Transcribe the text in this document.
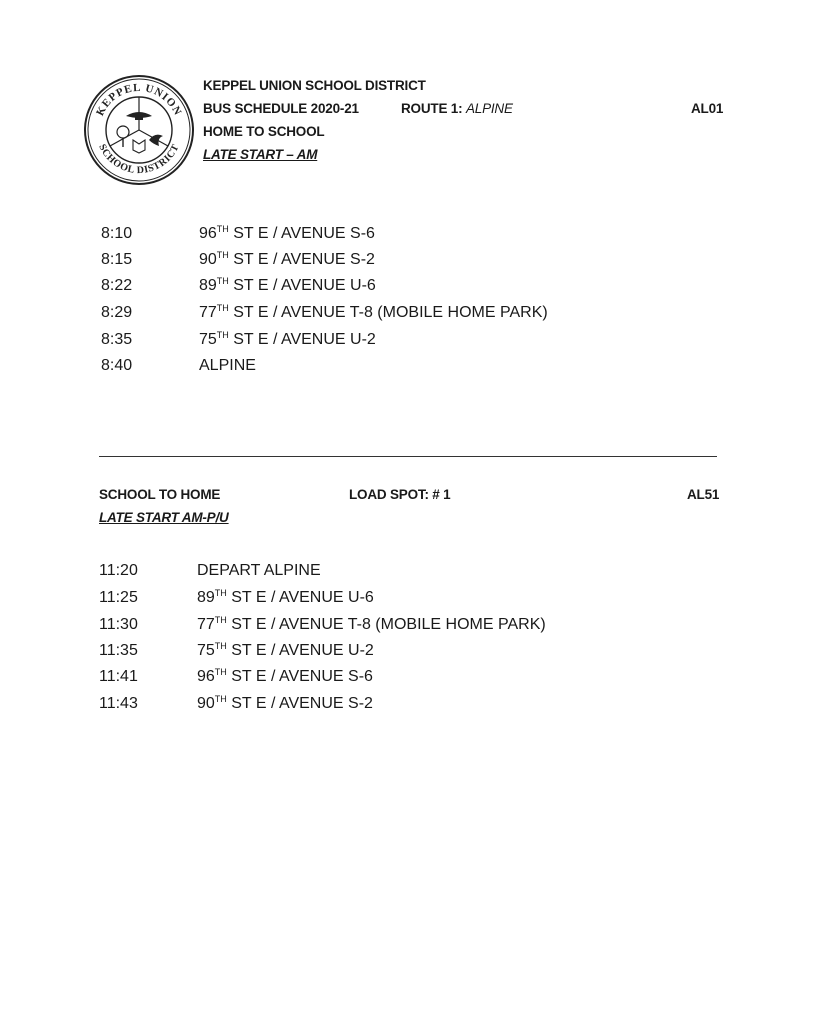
KEPPEL UNION
SCHOOL DISTRICT
KEPPEL UNION SCHOOL DISTRICT
BUS SCHEDULE 2020-21	ROUTE 1: ALPINE	AL01
HOME TO SCHOOL
LATE START – AM
8:10	96TH ST E / AVENUE S-6
8:15	90TH ST E / AVENUE S-2
8:22	89TH ST E / AVENUE U-6
8:29	77TH ST E / AVENUE T-8 (MOBILE HOME PARK)
8:35	75TH ST E / AVENUE U-2
8:40	ALPINE
SCHOOL TO HOME	LOAD SPOT: # 1	AL51
LATE START AM-P/U
11:20	DEPART ALPINE
11:25	89TH ST E / AVENUE U-6
11:30	77TH ST E / AVENUE T-8 (MOBILE HOME PARK)
11:35	75TH ST E / AVENUE U-2
11:41	96TH ST E / AVENUE S-6
11:43	90TH ST E / AVENUE S-2
